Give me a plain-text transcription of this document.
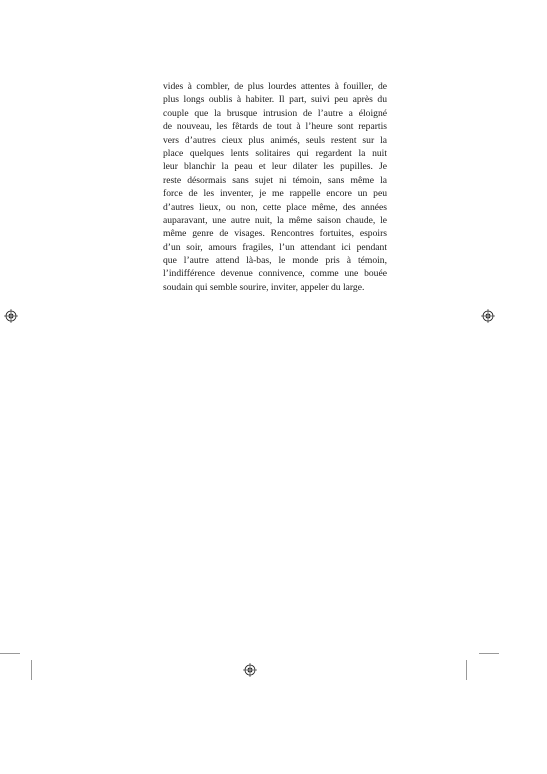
vides à combler, de plus lourdes attentes à fouiller, de
plus longs oublis à habiter. Il part, suivi peu après du
couple que la brusque intrusion de l’autre a éloigné
de nouveau, les fêtards de tout à l’heure sont repartis
vers d’autres cieux plus animés, seuls restent sur la
place quelques lents solitaires qui regardent la nuit
leur blanchir la peau et leur dilater les pupilles. Je
reste désormais sans sujet ni témoin, sans même la
force de les inventer, je me rappelle encore un peu
d’autres lieux, ou non, cette place même, des années
auparavant, une autre nuit, la même saison chaude, le
même genre de visages. Rencontres fortuites, espoirs
d’un soir, amours fragiles, l’un attendant ici pendant
que l’autre attend là-bas, le monde pris à témoin,
l’indifférence devenue connivence, comme une bouée
soudain qui semble sourire, inviter, appeler du large.
